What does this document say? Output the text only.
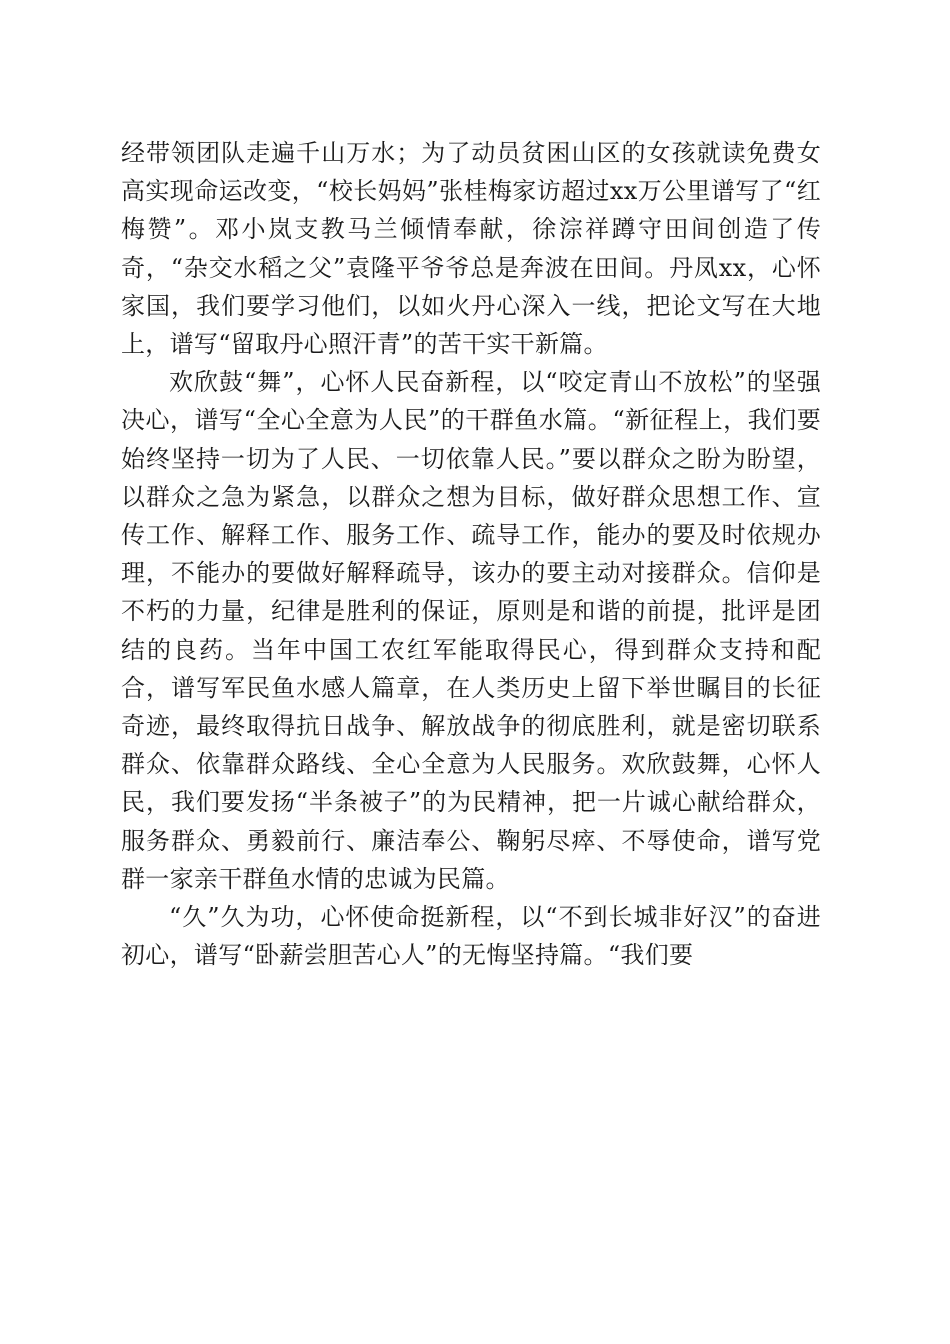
经带领团队走遍千山万水；为了动员贫困山区的女孩就读免费女高实现命运改变，“校长妈妈”张桂梅家访超过xx万公里谱写了“红梅赞”。邓小岚支教马兰倾情奉献，徐淙祥蹲守田间创造了传奇，“杂交水稻之父”袁隆平爷爷总是奔波在田间。丹凤xx，心怀家国，我们要学习他们，以如火丹心深入一线，把论文写在大地上，谱写“留取丹心照汗青”的苦干实干新篇。

欢欣鼓“舞”，心怀人民奋新程，以“咬定青山不放松”的坚强决心，谱写“全心全意为人民”的干群鱼水篇。“新征程上，我们要始终坚持一切为了人民、一切依靠人民。”要以群众之盼为盼望，以群众之急为紧急，以群众之想为目标，做好群众思想工作、宣传工作、解释工作、服务工作、疏导工作，能办的要及时依规办理，不能办的要做好解释疏导，该办的要主动对接群众。信仰是不朽的力量，纪律是胜利的保证，原则是和谐的前提，批评是团结的良药。当年中国工农红军能取得民心，得到群众支持和配合，谱写军民鱼水感人篇章，在人类历史上留下举世瞩目的长征奇迹，最终取得抗日战争、解放战争的彻底胜利，就是密切联系群众、依靠群众路线、全心全意为人民服务。欢欣鼓舞，心怀人民，我们要发扬“半条被子”的为民精神，把一片诚心献给群众，服务群众、勇毅前行、廉洁奉公、鞠躬尽瘁、不辱使命，谱写党群一家亲干群鱼水情的忠诚为民篇。

“久”久为功，心怀使命挺新程，以“不到长城非好汉”的奋进初心，谱写“卧薪尝胆苦心人”的无悔坚持篇。“我们要
